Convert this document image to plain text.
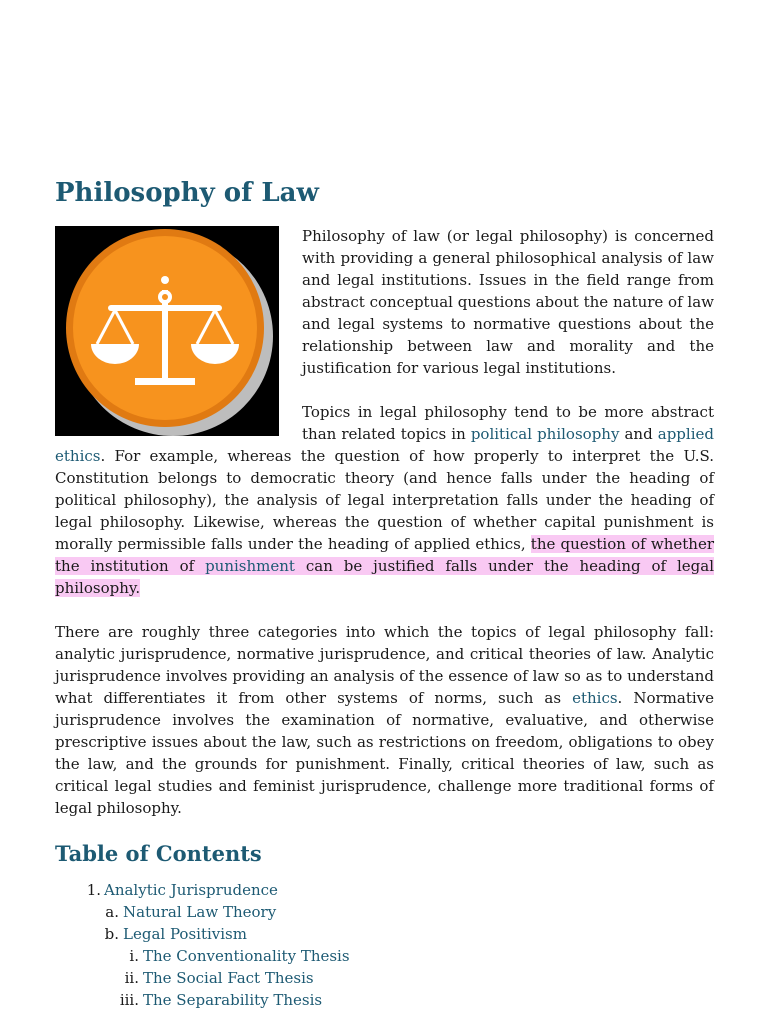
Philosophy of Law

Philosophy of law (or legal philosophy) is concerned with providing a general philosophical analysis of law and legal institutions. Issues in the field range from abstract conceptual questions about the nature of law and legal systems to normative questions about the relationship between law and morality and the justification for various legal institutions.

Topics in legal philosophy tend to be more abstract than related topics in political philosophy and applied ethics. For example, whereas the question of how properly to interpret the U.S. Constitution belongs to democratic theory (and hence falls under the heading of political philosophy), the analysis of legal interpretation falls under the heading of legal philosophy. Likewise, whereas the question of whether capital punishment is morally permissible falls under the heading of applied ethics, the question of whether the institution of punishment can be justified falls under the heading of legal philosophy.

There are roughly three categories into which the topics of legal philosophy fall: analytic jurisprudence, normative jurisprudence, and critical theories of law. Analytic jurisprudence involves providing an analysis of the essence of law so as to understand what differentiates it from other systems of norms, such as ethics. Normative jurisprudence involves the examination of normative, evaluative, and otherwise prescriptive issues about the law, such as restrictions on freedom, obligations to obey the law, and the grounds for punishment. Finally, critical theories of law, such as critical legal studies and feminist jurisprudence, challenge more traditional forms of legal philosophy.

Table of Contents
1. Analytic Jurisprudence
a. Natural Law Theory
b. Legal Positivism
i. The Conventionality Thesis
ii. The Social Fact Thesis
iii. The Separability Thesis
